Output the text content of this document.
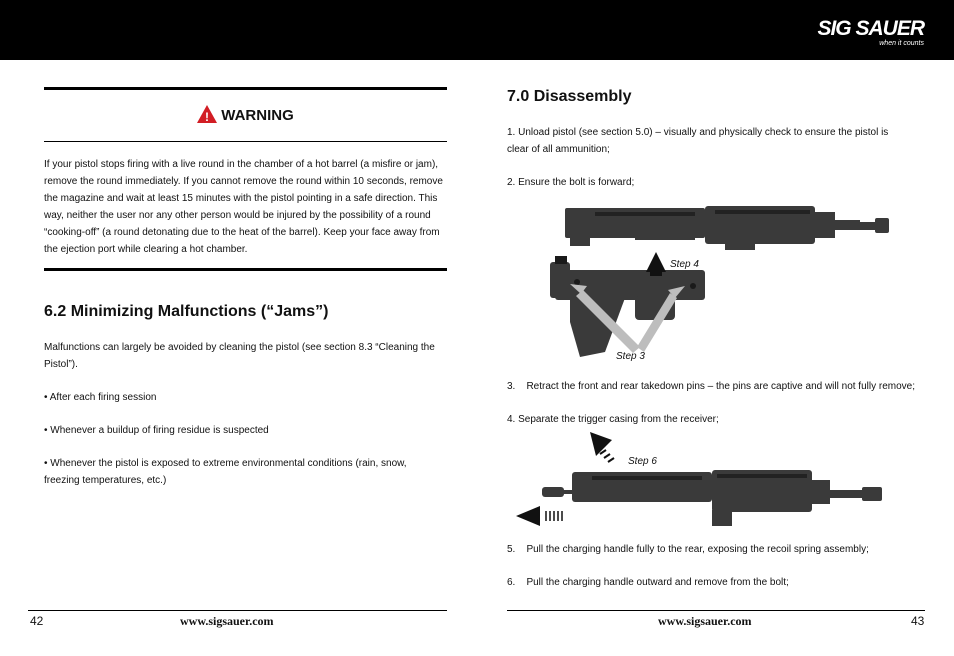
SIG SAUER
when it counts
! WARNING

If your pistol stops firing with a live round in the chamber of a hot barrel (a misfire or jam), remove the round immediately. If you cannot remove the round within 10 seconds, remove the magazine and wait at least 15 minutes with the pistol pointing in a safe direction. This way, neither the user nor any other person would be injured by the possibility of a round “cooking-off” (a round detonating due to the heat of the barrel). Keep your face away from the ejection port while clearing a hot chamber.

6.2 Minimizing Malfunctions (“Jams”)

Malfunctions can largely be avoided by cleaning the pistol (see section 8.3 “Cleaning the Pistol”).

• After each firing session

• Whenever a buildup of firing residue is suspected

• Whenever the pistol is exposed to extreme environmental conditions (rain, snow, freezing temperatures, etc.)

7.0 Disassembly

1. Unload pistol (see section 5.0) – visually and physically check to ensure the pistol is clear of all ammunition;

2. Ensure the bolt is forward;

Step 4
Step 3

3.    Retract the front and rear takedown pins – the pins are captive and will not fully remove;

4. Separate the trigger casing from the receiver;

Step 6

5.    Pull the charging handle fully to the rear, exposing the recoil spring assembly;

6.    Pull the charging handle outward and remove from the bolt;

42	www.sigsauer.com	www.sigsauer.com	43
